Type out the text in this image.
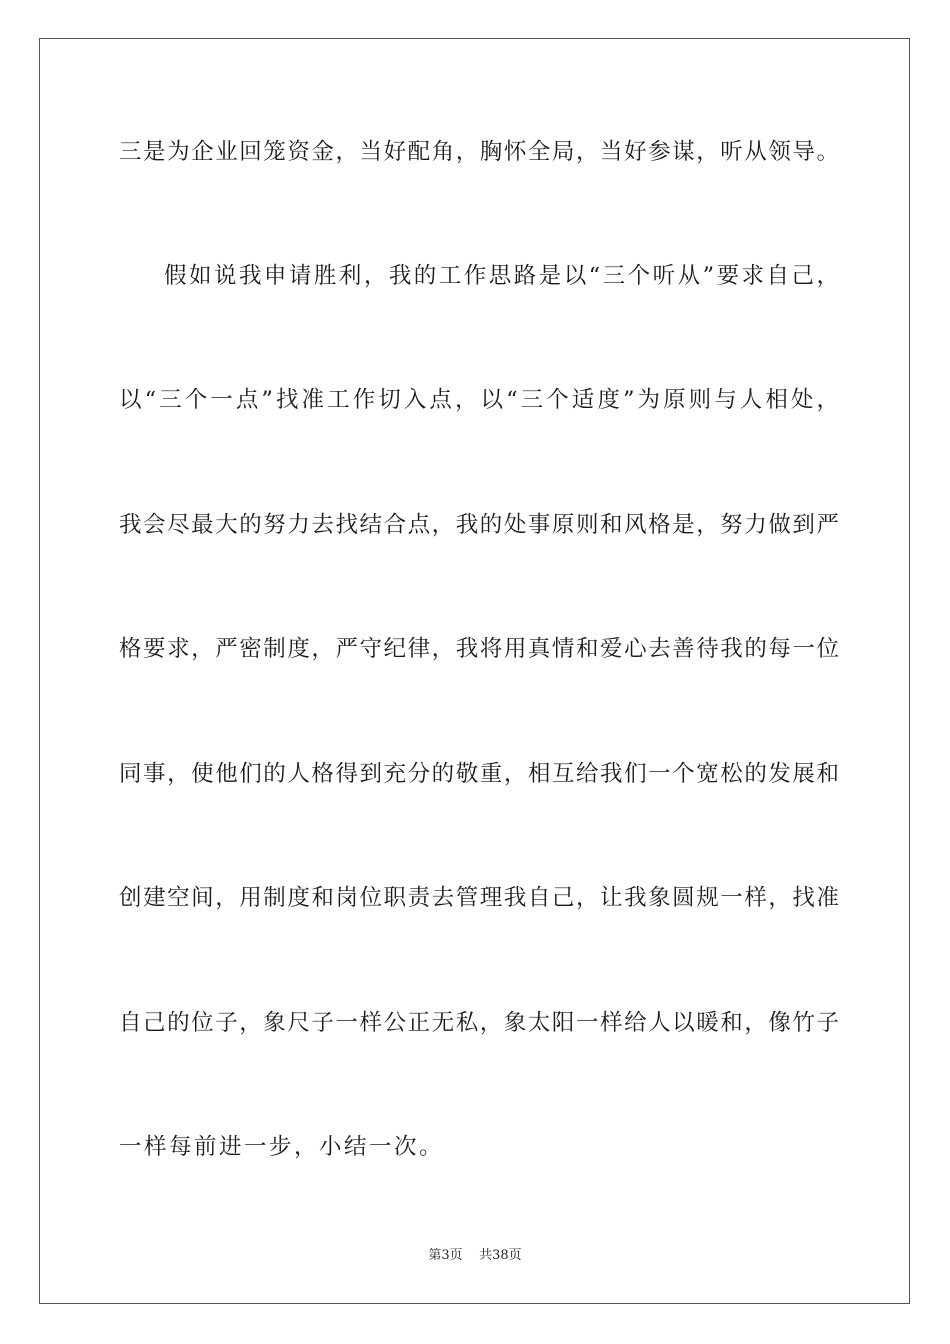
三是为企业回笼资金，当好配角，胸怀全局，当好参谋，听从领导。
假如说我申请胜利，我的工作思路是以“三个听从”要求自己，
以“三个一点”找准工作切入点，以“三个适度”为原则与人相处，
我会尽最大的努力去找结合点，我的处事原则和风格是，努力做到严
格要求，严密制度，严守纪律，我将用真情和爱心去善待我的每一位
同事，使他们的人格得到充分的敬重，相互给我们一个宽松的发展和
创建空间，用制度和岗位职责去管理我自己，让我象圆规一样，找准
自己的位子，象尺子一样公正无私，象太阳一样给人以暖和，像竹子
一样每前进一步，小结一次。
第3页 共38页
